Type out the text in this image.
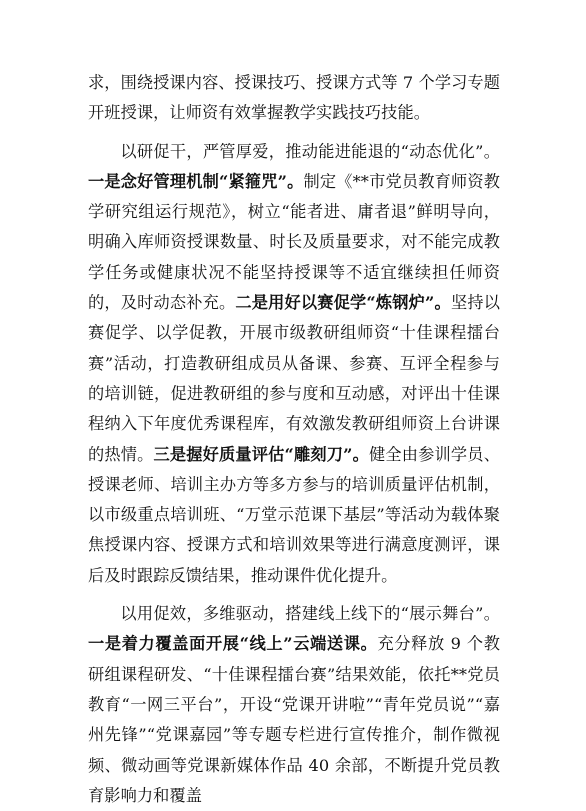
求，围绕授课内容、授课技巧、授课方式等 7 个学习专题开班授课，让师资有效掌握教学实践技巧技能。

以研促干，严管厚爱，推动能进能退的“动态优化”。一是念好管理机制“紧箍咒”。制定《**市党员教育师资教学研究组运行规范》，树立“能者进、庸者退”鲜明导向，明确入库师资授课数量、时长及质量要求，对不能完成教学任务或健康状况不能坚持授课等不适宜继续担任师资的，及时动态补充。二是用好以赛促学“炼钢炉”。坚持以赛促学、以学促教，开展市级教研组师资“十佳课程擂台赛”活动，打造教研组成员从备课、参赛、互评全程参与的培训链，促进教研组的参与度和互动感，对评出十佳课程纳入下年度优秀课程库，有效激发教研组师资上台讲课的热情。三是握好质量评估“雕刻刀”。健全由参训学员、授课老师、培训主办方等多方参与的培训质量评估机制，以市级重点培训班、“万堂示范课下基层”等活动为载体聚焦授课内容、授课方式和培训效果等进行满意度测评，课后及时跟踪反馈结果，推动课件优化提升。

以用促效，多维驱动，搭建线上线下的“展示舞台”。一是着力覆盖面开展“线上”云端送课。充分释放 9 个教研组课程研发、“十佳课程擂台赛”结果效能，依托**党员教育“一网三平台”，开设“党课开讲啦”“青年党员说”“嘉州先锋”“党课嘉园”等专题专栏进行宣传推介，制作微视频、微动画等党课新媒体作品 40 余部，不断提升党员教育影响力和覆盖
